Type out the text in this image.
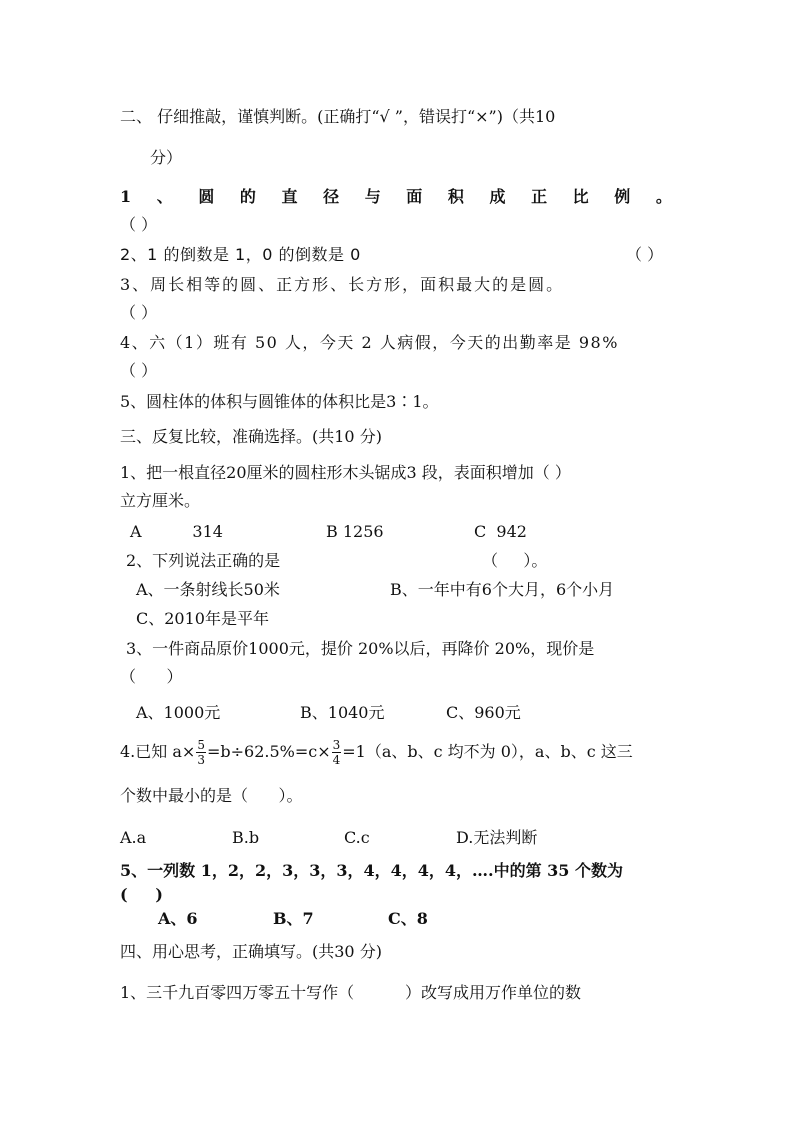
二、 仔细推敲，谨慎判断。(正确打“√ ”，错误打“×”)（共10
分）
1 、 圆 的 直 径 与 面 积 成 正 比 例 。
（ ）
2、1 的倒数是 1，0 的倒数是 0	（ ）
3、周长相等的圆、正方形、长方形，面积最大的是圆。
（ ）
4、六（1）班有 50 人，今天 2 人病假，今天的出勤率是 98%
（ ）
5、圆柱体的体积与圆锥体的体积比是3∶1。
三、反复比较，准确选择。(共10 分)
1、把一根直径20厘米的圆柱形木头锯成3 段，表面积增加（ ）
立方厘米。
A          314	B 1256	C  942
2、下列说法正确的是	（     ）。
A、一条射线长50米	B、一年中有6个大月，6个小月
C、2010年是平年
3、一件商品原价1000元，提价 20%以后，再降价 20%，现价是
（      ）
A、1000元	B、1040元	C、960元
4.已知 $a\times \frac{5}{3} =b\div 62.5\%=c\times \frac{3}{4} =1(a$、b、c 均不为 0），a、b、c 这三
个数中最小的是（      ）。
A.a	B.b	C.c	D.无法判断
5、一列数 1，2，2，3，3，3，4，4，4，4，….中的第 35 个数为
(     )
A、6	B、7	C、8
四、用心思考，正确填写。(共30 分)
1、三千九百零四万零五十写作（          ）改写成用万作单位的数
